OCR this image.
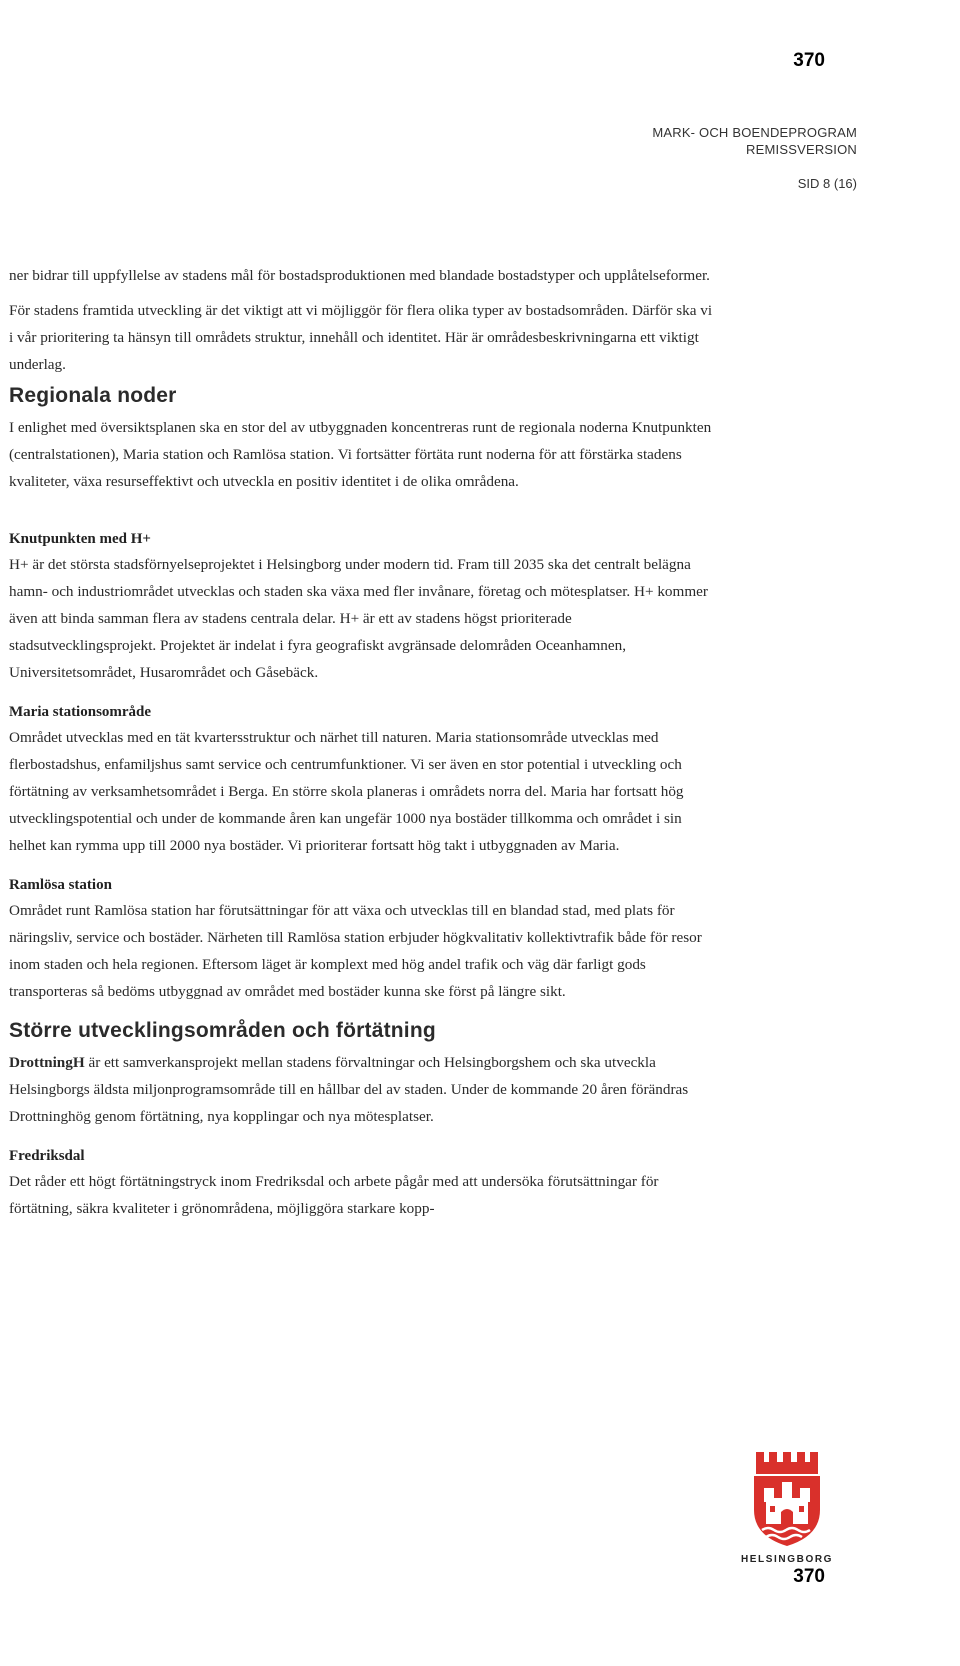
370
MARK- OCH BOENDEPROGRAM
REMISSVERSION
SID 8 (16)

ner bidrar till uppfyllelse av stadens mål för bostadsproduktionen med blandade bostadstyper och upplåtelseformer.

För stadens framtida utveckling är det viktigt att vi möjliggör för flera olika typer av bostadsområden. Därför ska vi i vår prioritering ta hänsyn till områdets struktur, innehåll och identitet. Här är områdesbeskrivningarna ett viktigt underlag.

Regionala noder

I enlighet med översiktsplanen ska en stor del av utbyggnaden koncentreras runt de regionala noderna Knutpunkten (centralstationen), Maria station och Ramlösa station. Vi fortsätter förtäta runt noderna för att förstärka stadens kvaliteter, växa resurseffektivt och utveckla en positiv identitet i de olika områdena.

Knutpunkten med H+

H+ är det största stadsförnyelseprojektet i Helsingborg under modern tid. Fram till 2035 ska det centralt belägna hamn- och industriområdet utvecklas och staden ska växa med fler invånare, företag och mötesplatser. H+ kommer även att binda samman flera av stadens centrala delar. H+ är ett av stadens högst prioriterade stadsutvecklingsprojekt. Projektet är indelat i fyra geografiskt avgränsade delområden Oceanhamnen, Universitetsområdet, Husarområdet och Gåsebäck.

Maria stationsområde

Området utvecklas med en tät kvartersstruktur och närhet till naturen. Maria stationsområde utvecklas med flerbostadshus, enfamiljshus samt service och centrumfunktioner. Vi ser även en stor potential i utveckling och förtätning av verksamhetsområdet i Berga. En större skola planeras i områdets norra del. Maria har fortsatt hög utvecklingspotential och under de kommande åren kan ungefär 1000 nya bostäder tillkomma och området i sin helhet kan rymma upp till 2000 nya bostäder. Vi prioriterar fortsatt hög takt i utbyggnaden av Maria.

Ramlösa station

Området runt Ramlösa station har förutsättningar för att växa och utvecklas till en blandad stad, med plats för näringsliv, service och bostäder. Närheten till Ramlösa station erbjuder högkvalitativ kollektivtrafik både för resor inom staden och hela regionen. Eftersom läget är komplext med hög andel trafik och väg där farligt gods transporteras så bedöms utbyggnad av området med bostäder kunna ske först på längre sikt.

Större utvecklingsområden och förtätning

DrottningH är ett samverkansprojekt mellan stadens förvaltningar och Helsingborgshem och ska utveckla Helsingborgs äldsta miljonprogramsområde till en hållbar del av staden. Under de kommande 20 åren förändras Drottninghög genom förtätning, nya kopplingar och nya mötesplatser.

Fredriksdal

Det råder ett högt förtätningstryck inom Fredriksdal och arbete pågår med att undersöka förutsättningar för förtätning, säkra kvaliteter i grönområdena, möjliggöra starkare kopp-

HELSINGBORG
370
